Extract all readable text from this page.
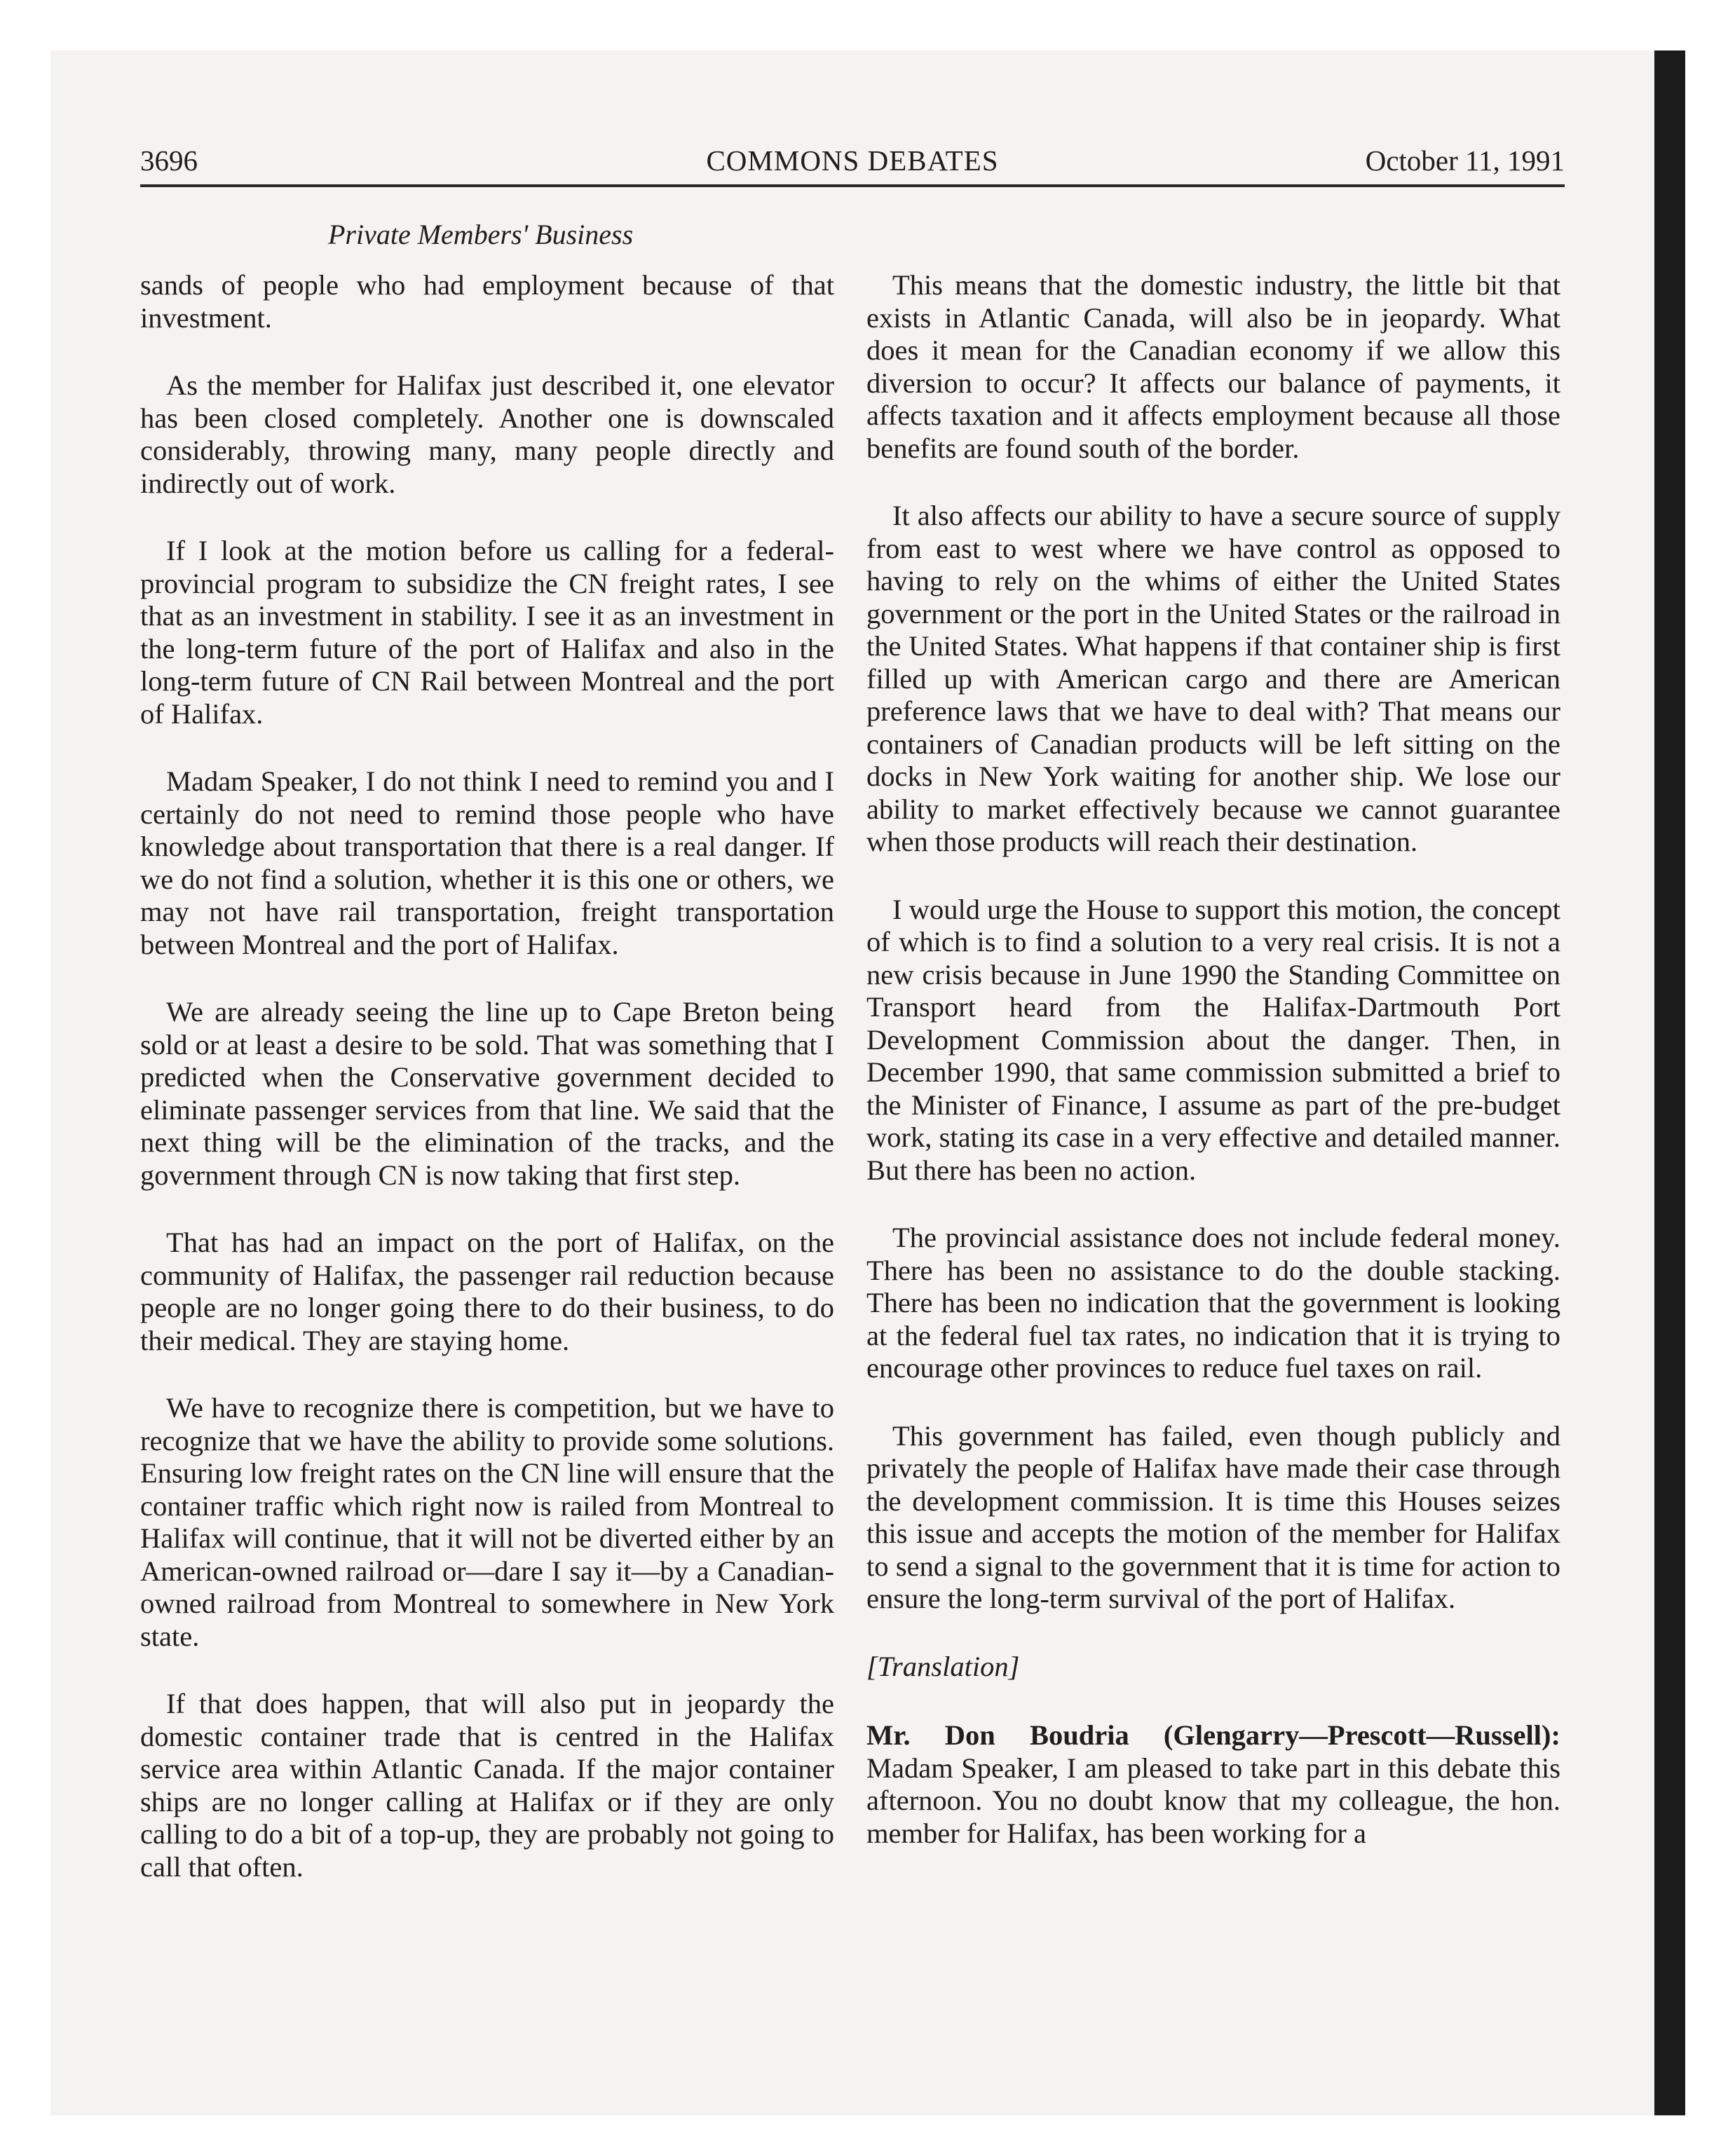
3696	COMMONS DEBATES	October 11, 1991
Private Members' Business

sands of people who had employment because of that investment.

As the member for Halifax just described it, one elevator has been closed completely. Another one is downscaled considerably, throwing many, many people directly and indirectly out of work.

If I look at the motion before us calling for a federal-provincial program to subsidize the CN freight rates, I see that as an investment in stability. I see it as an investment in the long-term future of the port of Halifax and also in the long-term future of CN Rail between Montreal and the port of Halifax.

Madam Speaker, I do not think I need to remind you and I certainly do not need to remind those people who have knowledge about transportation that there is a real danger. If we do not find a solution, whether it is this one or others, we may not have rail transportation, freight transportation between Montreal and the port of Halifax.

We are already seeing the line up to Cape Breton being sold or at least a desire to be sold. That was something that I predicted when the Conservative government decided to eliminate passenger services from that line. We said that the next thing will be the elimination of the tracks, and the government through CN is now taking that first step.

That has had an impact on the port of Halifax, on the community of Halifax, the passenger rail reduction because people are no longer going there to do their business, to do their medical. They are staying home.

We have to recognize there is competition, but we have to recognize that we have the ability to provide some solutions. Ensuring low freight rates on the CN line will ensure that the container traffic which right now is railed from Montreal to Halifax will continue, that it will not be diverted either by an American-owned railroad or—dare I say it—by a Canadian-owned railroad from Montreal to somewhere in New York state.

If that does happen, that will also put in jeopardy the domestic container trade that is centred in the Halifax service area within Atlantic Canada. If the major container ships are no longer calling at Halifax or if they are only calling to do a bit of a top-up, they are probably not going to call that often.

This means that the domestic industry, the little bit that exists in Atlantic Canada, will also be in jeopardy. What does it mean for the Canadian economy if we allow this diversion to occur? It affects our balance of payments, it affects taxation and it affects employment because all those benefits are found south of the border.

It also affects our ability to have a secure source of supply from east to west where we have control as opposed to having to rely on the whims of either the United States government or the port in the United States or the railroad in the United States. What happens if that container ship is first filled up with American cargo and there are American preference laws that we have to deal with? That means our containers of Canadian products will be left sitting on the docks in New York waiting for another ship. We lose our ability to market effectively because we cannot guarantee when those products will reach their destination.

I would urge the House to support this motion, the concept of which is to find a solution to a very real crisis. It is not a new crisis because in June 1990 the Standing Committee on Transport heard from the Halifax-Dartmouth Port Development Commission about the danger. Then, in December 1990, that same commission submitted a brief to the Minister of Finance, I assume as part of the pre-budget work, stating its case in a very effective and detailed manner. But there has been no action.

The provincial assistance does not include federal money. There has been no assistance to do the double stacking. There has been no indication that the government is looking at the federal fuel tax rates, no indication that it is trying to encourage other provinces to reduce fuel taxes on rail.

This government has failed, even though publicly and privately the people of Halifax have made their case through the development commission. It is time this Houses seizes this issue and accepts the motion of the member for Halifax to send a signal to the government that it is time for action to ensure the long-term survival of the port of Halifax.

[Translation]

Mr. Don Boudria (Glengarry—Prescott—Russell): Madam Speaker, I am pleased to take part in this debate this afternoon. You no doubt know that my colleague, the hon. member for Halifax, has been working for a
